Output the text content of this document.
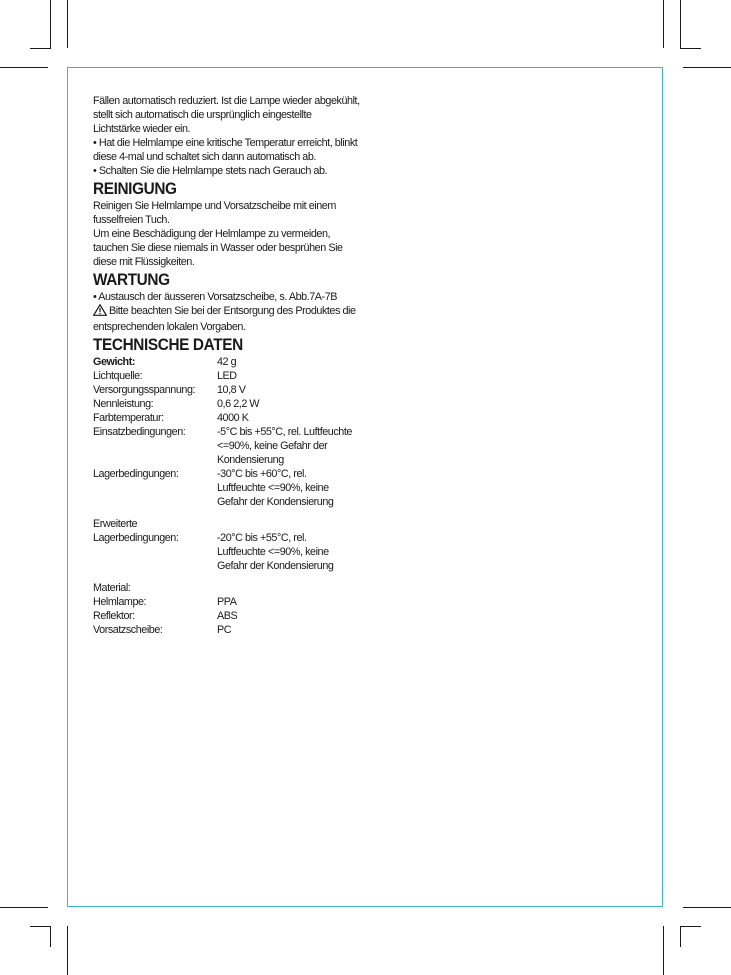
Fällen automatisch reduziert. Ist die Lampe wieder abgekühlt,

stellt sich automatisch die ursprünglich eingestellte

Lichtstärke wieder ein.

• Hat die Helmlampe eine kritische Temperatur erreicht, blinkt

diese 4-mal und schaltet sich dann automatisch ab.

• Schalten Sie die Helmlampe stets nach Gerauch ab.

REINIGUNG

Reinigen Sie Helmlampe und Vorsatzscheibe mit einem

fusselfreien Tuch.

Um eine Beschädigung der Helmlampe zu vermeiden,

tauchen Sie diese niemals in Wasser oder besprühen Sie

diese mit Flüssigkeiten.

WARTUNG

• Austausch der äusseren Vorsatzscheibe, s. Abb.7A-7B

Bitte beachten Sie bei der Entsorgung des Produktes die

entsprechenden lokalen Vorgaben.

TECHNISCHE DATEN
Gewicht:	42 g

Lichtquelle:	LED

Versorgungsspannung:	10,8 V

Nennleistung:	0,6 2,2 W

Farbtemperatur:	4000 K

Einsatzbedingungen:	-5°C bis +55°C, rel. Luftfeuchte

<=90%, keine Gefahr der

Kondensierung

Lagerbedingungen:	-30°C bis +60°C, rel.

Luftfeuchte <=90%, keine

Gefahr der Kondensierung

Erweiterte

Lagerbedingungen:	-20°C bis +55°C, rel.

Luftfeuchte <=90%, keine

Gefahr der Kondensierung

Material:

Helmlampe:	PPA

Reflektor:	ABS

Vorsatzscheibe:	PC
